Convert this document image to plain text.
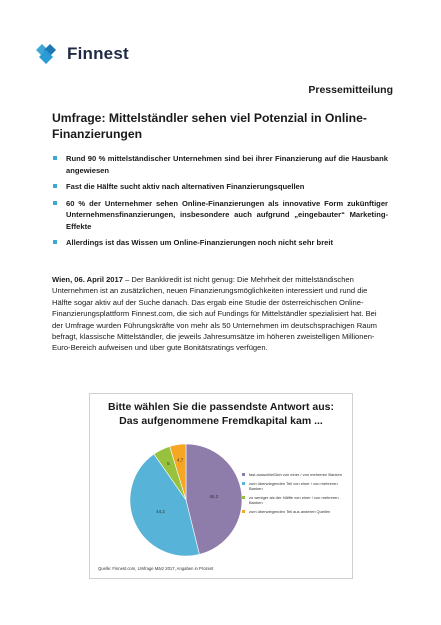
Finnest
Pressemitteilung
Umfrage: Mittelständler sehen viel Potenzial in Online-Finanzierungen
Rund 90 % mittelständischer Unternehmen sind bei ihrer Finanzierung auf die Hausbank angewiesen
Fast die Hälfte sucht aktiv nach alternativen Finanzierungsquellen
60 % der Unternehmer sehen Online-Finanzierungen als innovative Form zukünftiger Unternehmensfinanzierungen, insbesondere auch aufgrund „eingebauter“ Marketing-Effekte
Allerdings ist das Wissen um Online-Finanzierungen noch nicht sehr breit
Wien, 06. April 2017 – Der Bankkredit ist nicht genug: Die Mehrheit der mittelständischen Unternehmen ist an zusätzlichen, neuen Finanzierungsmöglichkeiten interessiert und rund die Hälfte sogar aktiv auf der Suche danach. Das ergab eine Studie der österreichischen Online-Finanzierungsplattform Finnest.com, die sich auf Fundings für Mittelständler spezialisiert hat. Bei der Umfrage wurden Führungskräfte von mehr als 50 Unternehmen im deutschsprachigen Raum befragt, klassische Mittelständler, die jeweils Jahresumsätze im höheren zweistelligen Millionen-Euro-Bereich aufweisen und über gute Bonitätsratings verfügen.
Bitte wählen Sie die passendste Antwort aus:
Das aufgenommene Fremdkapital kam ...
46,2
44,2
5
4,7
fast ausschließlich von einer / von mehreren Banken
zum überwiegenden Teil von einer / von mehreren Banken
zu weniger als der Hälfte von einer / von mehreren Banken
zum überwiegenden Teil aus anderen Quellen
Quelle: Finnest.com, Umfrage März 2017, Angaben in Prozent
